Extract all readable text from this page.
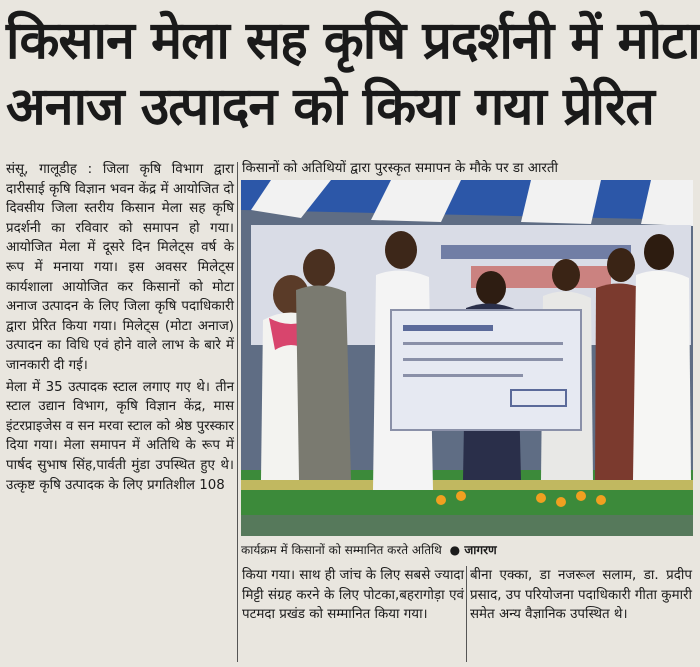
किसान मेला सह कृषि प्रदर्शनी में मोटा
अनाज उत्पादन को किया गया प्रेरित

संसू, गालूडीह : जिला कृषि विभाग द्वारा दारीसाई कृषि विज्ञान भवन केंद्र में आयोजित दो दिवसीय जिला स्तरीय किसान मेला सह कृषि प्रदर्शनी का रविवार को समापन हो गया। आयोजित मेला में दूसरे दिन मिलेट्स वर्ष के रूप में मनाया गया। इस अवसर मिलेट्स कार्यशाला आयोजित कर किसानों को मोटा अनाज उत्पादन के लिए जिला कृषि पदाधिकारी द्वारा प्रेरित किया गया। मिलेट्स (मोटा अनाज) उत्पादन का विधि एवं होने वाले लाभ के बारे में जानकारी दी गई।

मेला में 35 उत्पादक स्टाल लगाए गए थे। तीन स्टाल उद्यान विभाग, कृषि विज्ञान केंद्र, मास इंटरप्राइजेस व सन मरवा स्टाल को श्रेष्ठ पुरस्कार दिया गया। मेला समापन में अतिथि के रूप में पार्षद सुभाष सिंह,पार्वती मुंडा उपस्थित हुए थे। उत्कृष्ट कृषि उत्पादक के लिए प्रगतिशील 108

किसानों को अतिथियों द्वारा पुरस्कृत समापन के मौके पर डा आरती
कार्यक्रम में किसानों को सम्मानित करते अतिथि ● जागरण
किया गया। साथ ही जांच के लिए सबसे ज्यादा मिट्टी संग्रह करने के लिए पोटका,बहरागोड़ा एवं पटमदा प्रखंड को सम्मानित किया गया।
बीना एक्का, डा नजरूल सलाम, डा. प्रदीप प्रसाद, उप परियोजना पदाधिकारी गीता कुमारी समेत अन्य वैज्ञानिक उपस्थित थे।
